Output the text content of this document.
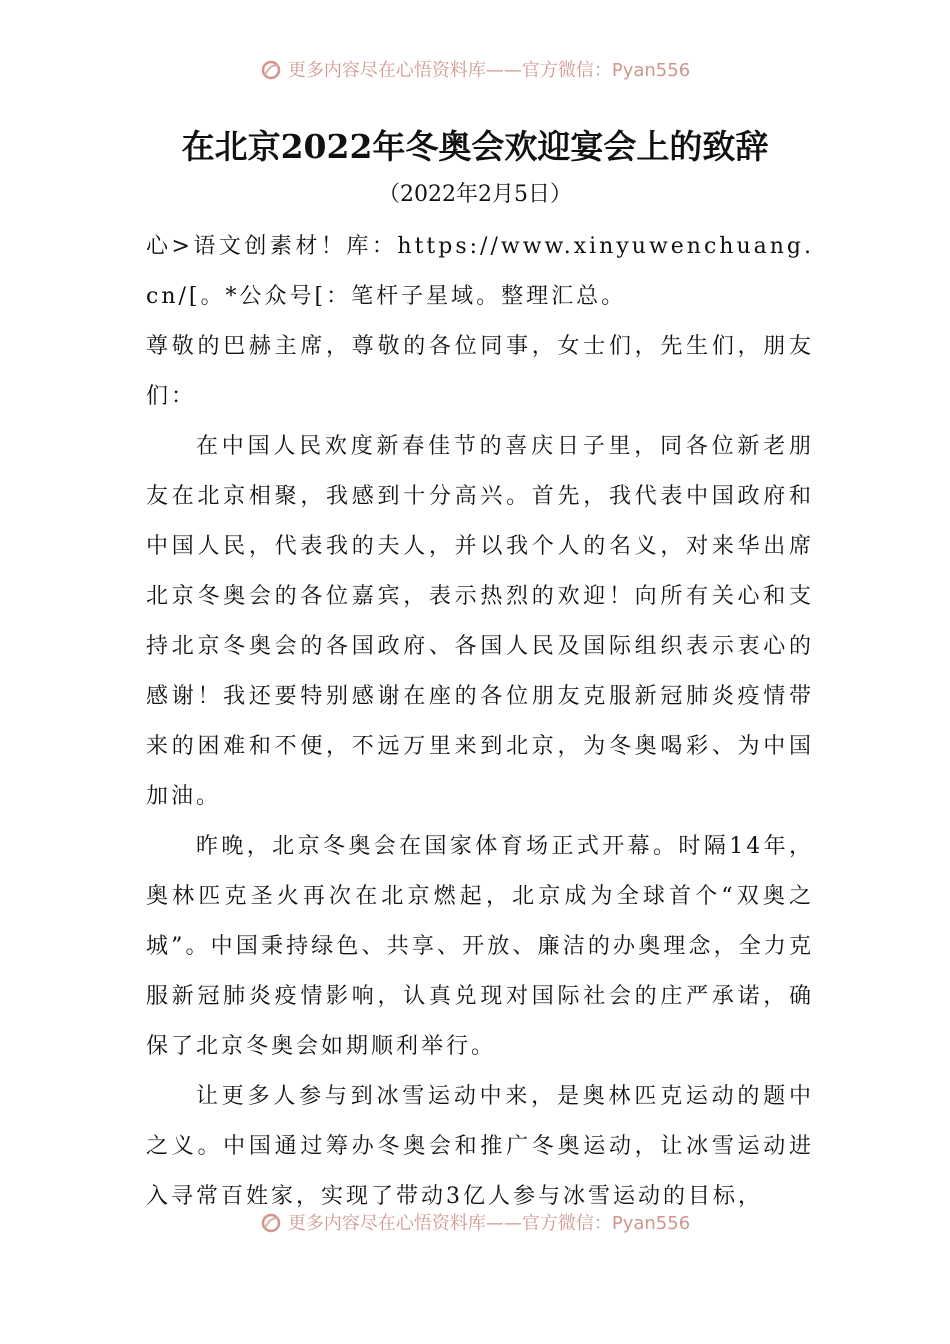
更多内容尽在心悟资料库——官方微信：Pyan556
在北京2022年冬奥会欢迎宴会上的致辞
（2022年2月5日）

心>语文创素材！库：https://www.xinyuwenchuang.cn/[。*公众号[：笔杆子星域。整理汇总。

尊敬的巴赫主席，尊敬的各位同事，女士们，先生们，朋友们：

在中国人民欢度新春佳节的喜庆日子里，同各位新老朋友在北京相聚，我感到十分高兴。首先，我代表中国政府和中国人民，代表我的夫人，并以我个人的名义，对来华出席北京冬奥会的各位嘉宾，表示热烈的欢迎！向所有关心和支持北京冬奥会的各国政府、各国人民及国际组织表示衷心的感谢！我还要特别感谢在座的各位朋友克服新冠肺炎疫情带来的困难和不便，不远万里来到北京，为冬奥喝彩、为中国加油。

昨晚，北京冬奥会在国家体育场正式开幕。时隔14年，奥林匹克圣火再次在北京燃起，北京成为全球首个“双奥之城”。中国秉持绿色、共享、开放、廉洁的办奥理念，全力克服新冠肺炎疫情影响，认真兑现对国际社会的庄严承诺，确保了北京冬奥会如期顺利举行。

让更多人参与到冰雪运动中来，是奥林匹克运动的题中之义。中国通过筹办冬奥会和推广冬奥运动，让冰雪运动进入寻常百姓家，实现了带动3亿人参与冰雪运动的目标，

更多内容尽在心悟资料库——官方微信：Pyan556
